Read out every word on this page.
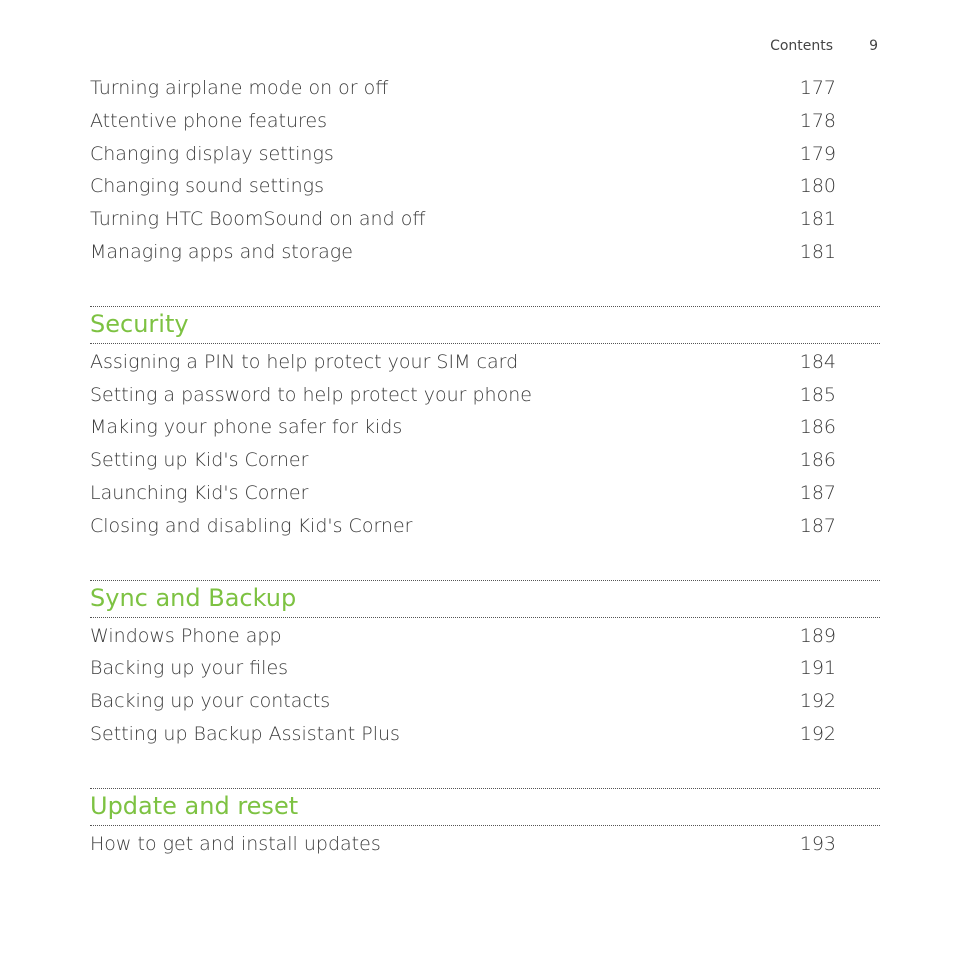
Contents	9
Turning airplane mode on or off	177
Attentive phone features	178
Changing display settings	179
Changing sound settings	180
Turning HTC BoomSound on and off	181
Managing apps and storage	181
Security
Assigning a PIN to help protect your SIM card	184
Setting a password to help protect your phone	185
Making your phone safer for kids	186
Setting up Kid's Corner	186
Launching Kid's Corner	187
Closing and disabling Kid's Corner	187
Sync and Backup
Windows Phone app	189
Backing up your files	191
Backing up your contacts	192
Setting up Backup Assistant Plus	192
Update and reset
How to get and install updates	193
